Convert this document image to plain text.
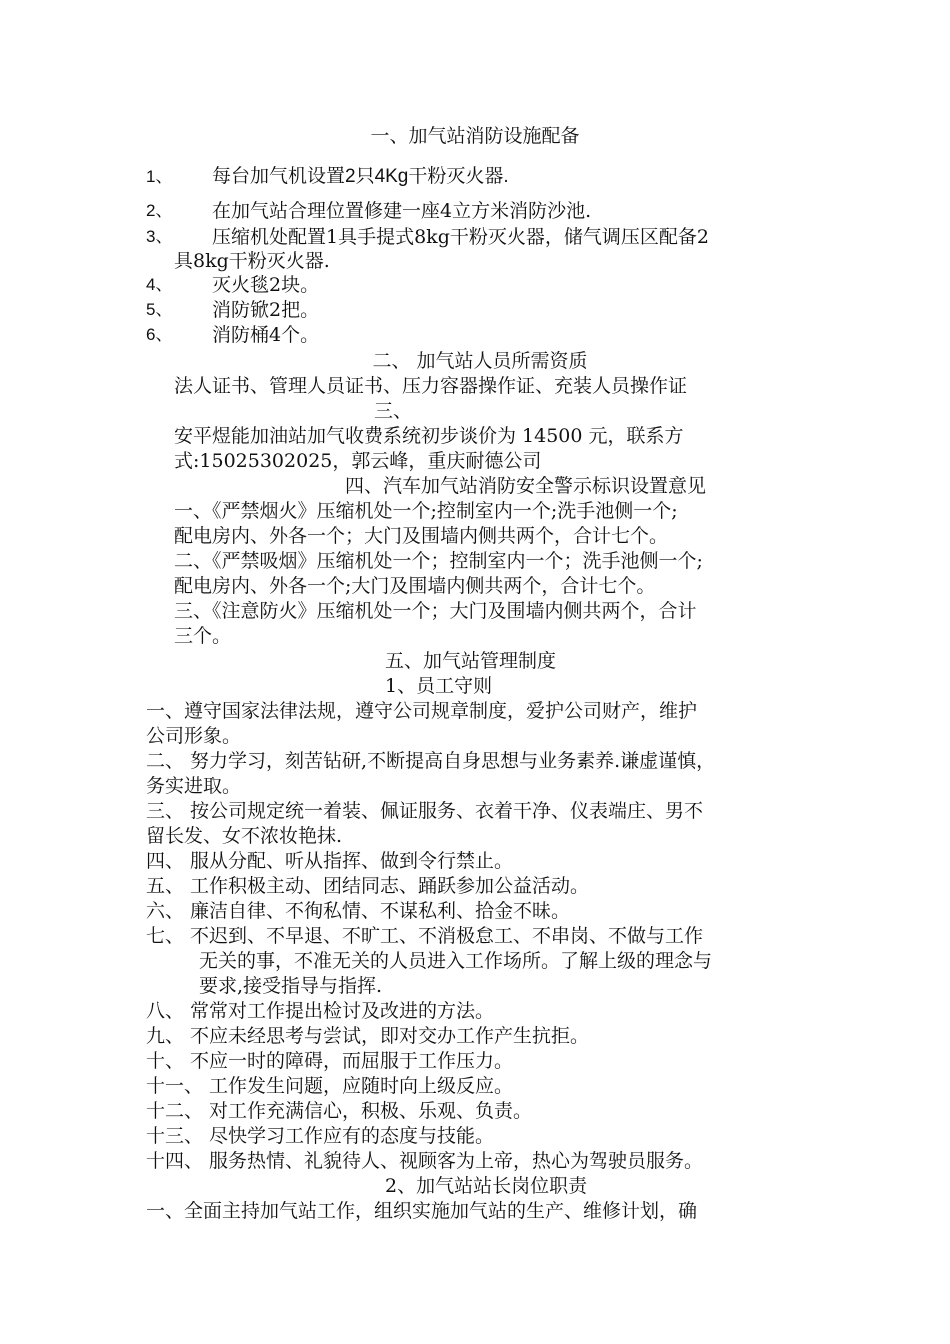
一、加气站消防设施配备
1、 每台加气机设置2只4Kg干粉灭火器.
2、 在加气站合理位置修建一座4立方米消防沙池.
3、 压缩机处配置1具手提式8kg干粉灭火器，储气调压区配备2
具8kg干粉灭火器.
4、 灭火毯2块。
5、 消防锨2把。
6、 消防桶4个。
二、 加气站人员所需资质
法人证书、管理人员证书、压力容器操作证、充装人员操作证
三、
安平煜能加油站加气收费系统初步谈价为 14500 元，联系方
式:15025302025，郭云峰，重庆耐德公司
四、汽车加气站消防安全警示标识设置意见
一、《严禁烟火》压缩机处一个;控制室内一个;洗手池侧一个;
配电房内、外各一个；大门及围墙内侧共两个，合计七个。
二、《严禁吸烟》压缩机处一个；控制室内一个；洗手池侧一个;
配电房内、外各一个;大门及围墙内侧共两个，合计七个。
三、《注意防火》压缩机处一个；大门及围墙内侧共两个，合计
三个。
五、加气站管理制度
1、员工守则
一、遵守国家法律法规，遵守公司规章制度，爱护公司财产，维护
公司形象。
二、 努力学习，刻苦钻研,不断提高自身思想与业务素养.谦虚谨慎，
务实进取。
三、 按公司规定统一着装、佩证服务、衣着干净、仪表端庄、男不
留长发、女不浓妆艳抹.
四、 服从分配、听从指挥、做到令行禁止。
五、 工作积极主动、团结同志、踊跃参加公益活动。
六、 廉洁自律、不徇私情、不谋私利、拾金不昧。
七、 不迟到、不早退、不旷工、不消极怠工、不串岗、不做与工作
无关的事，不准无关的人员进入工作场所。了解上级的理念与
要求,接受指导与指挥.
八、 常常对工作提出检讨及改进的方法。
九、 不应未经思考与尝试，即对交办工作产生抗拒。
十、 不应一时的障碍，而屈服于工作压力。
十一、 工作发生问题，应随时向上级反应。
十二、 对工作充满信心，积极、乐观、负责。
十三、 尽快学习工作应有的态度与技能。
十四、 服务热情、礼貌待人、视顾客为上帝，热心为驾驶员服务。
2、加气站站长岗位职责
一、全面主持加气站工作，组织实施加气站的生产、维修计划，确
